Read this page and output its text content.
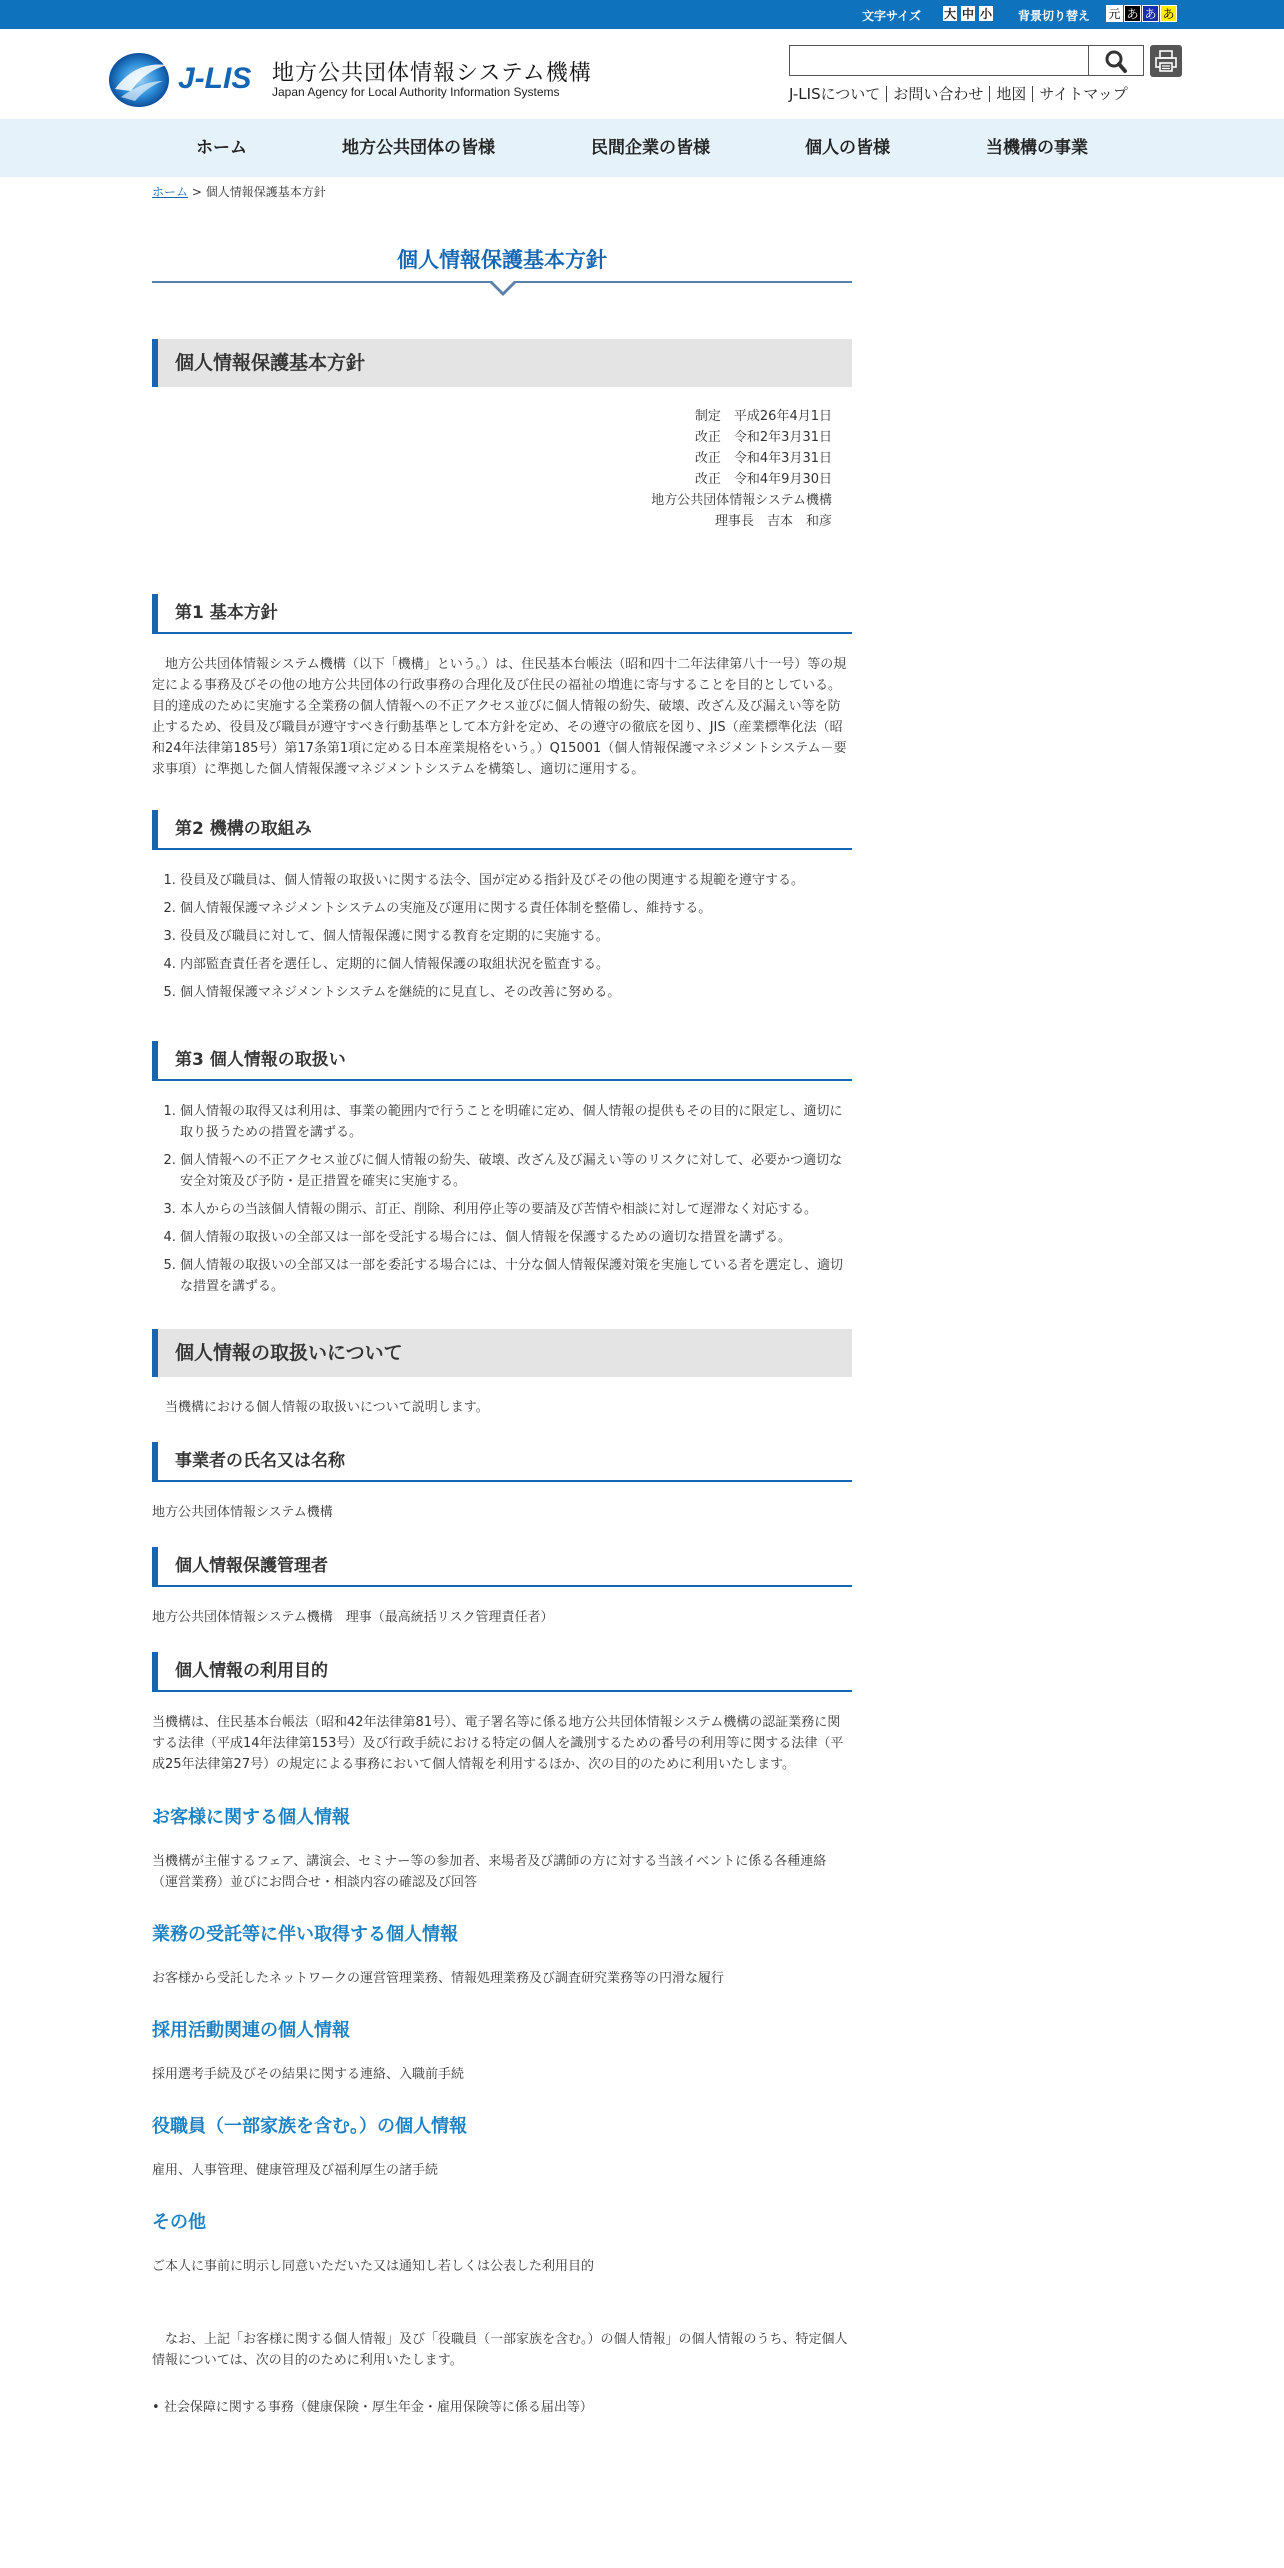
文字サイズ 大 中 小 背景切り替え 元 あ あ あ
J-LIS 地方公共団体情報システム機構
Japan Agency for Local Authority Information Systems	J-LISについて お問い合わせ 地図 サイトマップ
ホーム	地方公共団体の皆様	民間企業の皆様	個人の皆様	当機構の事業
ホーム > 個人情報保護基本方針
個人情報保護基本方針
個人情報保護基本方針

制定　平成26年4月1日

改正　令和2年3月31日

改正　令和4年3月31日

改正　令和4年9月30日

地方公共団体情報システム機構

理事長　吉本　和彦

第1 基本方針

地方公共団体情報システム機構（以下「機構」という。）は、住民基本台帳法（昭和四十二年法律第八十一号）等の規定による事務及びその他の地方公共団体の行政事務の合理化及び住民の福祉の増進に寄与することを目的としている。目的達成のために実施する全業務の個人情報への不正アクセス並びに個人情報の紛失、破壊、改ざん及び漏えい等を防止するため、役員及び職員が遵守すべき行動基準として本方針を定め、その遵守の徹底を図り、JIS（産業標準化法（昭和24年法律第185号）第17条第1項に定める日本産業規格をいう。）Q15001（個人情報保護マネジメントシステム－要求事項）に準拠した個人情報保護マネジメントシステムを構築し、適切に運用する。

第2 機構の取組み
1. 役員及び職員は、個人情報の取扱いに関する法令、国が定める指針及びその他の関連する規範を遵守する。
2. 個人情報保護マネジメントシステムの実施及び運用に関する責任体制を整備し、維持する。
3. 役員及び職員に対して、個人情報保護に関する教育を定期的に実施する。
4. 内部監査責任者を選任し、定期的に個人情報保護の取組状況を監査する。
5. 個人情報保護マネジメントシステムを継続的に見直し、その改善に努める。
第3 個人情報の取扱い
1. 個人情報の取得又は利用は、事業の範囲内で行うことを明確に定め、個人情報の提供もその目的に限定し、適切に取り扱うための措置を講ずる。
2. 個人情報への不正アクセス並びに個人情報の紛失、破壊、改ざん及び漏えい等のリスクに対して、必要かつ適切な安全対策及び予防・是正措置を確実に実施する。
3. 本人からの当該個人情報の開示、訂正、削除、利用停止等の要請及び苦情や相談に対して遅滞なく対応する。
4. 個人情報の取扱いの全部又は一部を受託する場合には、個人情報を保護するための適切な措置を講ずる。
5. 個人情報の取扱いの全部又は一部を委託する場合には、十分な個人情報保護対策を実施している者を選定し、適切な措置を講ずる。
個人情報の取扱いについて

当機構における個人情報の取扱いについて説明します。

事業者の氏名又は名称

地方公共団体情報システム機構

個人情報保護管理者

地方公共団体情報システム機構　理事（最高統括リスク管理責任者）

個人情報の利用目的

当機構は、住民基本台帳法（昭和42年法律第81号）、電子署名等に係る地方公共団体情報システム機構の認証業務に関する法律（平成14年法律第153号）及び行政手続における特定の個人を識別するための番号の利用等に関する法律（平成25年法律第27号）の規定による事務において個人情報を利用するほか、次の目的のために利用いたします。

お客様に関する個人情報

当機構が主催するフェア、講演会、セミナー等の参加者、来場者及び講師の方に対する当該イベントに係る各種連絡（運営業務）並びにお問合せ・相談内容の確認及び回答

業務の受託等に伴い取得する個人情報

お客様から受託したネットワークの運営管理業務、情報処理業務及び調査研究業務等の円滑な履行

採用活動関連の個人情報

採用選考手続及びその結果に関する連絡、入職前手続

役職員（一部家族を含む。）の個人情報

雇用、人事管理、健康管理及び福利厚生の諸手続

その他

ご本人に事前に明示し同意いただいた又は通知し若しくは公表した利用目的

なお、上記「お客様に関する個人情報」及び「役職員（一部家族を含む。）の個人情報」の個人情報のうち、特定個人情報については、次の目的のために利用いたします。

• 社会保障に関する事務（健康保険・厚生年金・雇用保険等に係る届出等）
